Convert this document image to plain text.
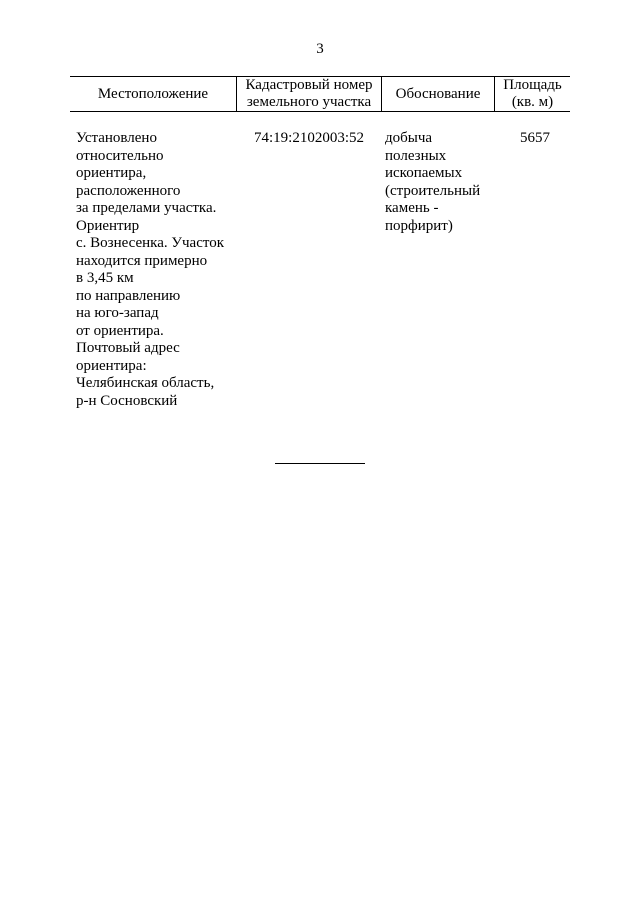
3
Местоположение
Кадастровый номер земельного участка
Обоснование
Площадь (кв. м)
Установлено
относительно
ориентира,
расположенного
за пределами участка.
Ориентир
с. Вознесенка. Участок
находится примерно
в 3,45 км
по направлению
на юго-запад
от ориентира.
Почтовый адрес
ориентира:
Челябинская область,
р-н Сосновский
74:19:2102003:52	добыча
полезных
ископаемых
(строительный
камень -
порфирит)
5657
